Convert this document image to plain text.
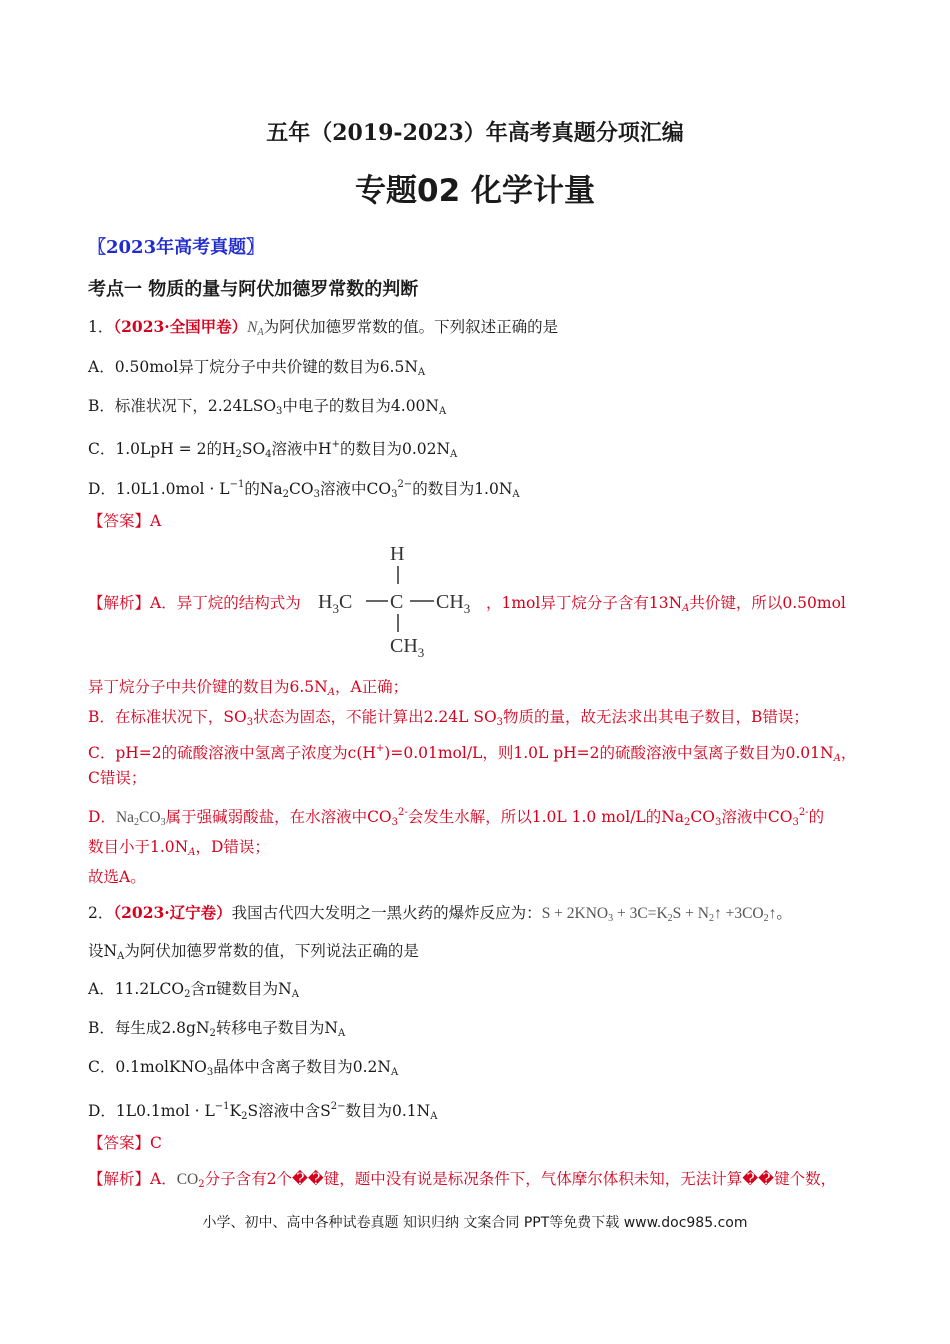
五年（2019-2023）年高考真题分项汇编
专题02 化学计量
〖2023年高考真题〗
考点一 物质的量与阿伏加德罗常数的判断
1．（2023·全国甲卷）$N_A$为阿伏加德罗常数的值。下列叙述正确的是
A．0.50mol异丁烷分子中共价键的数目为$6.5N_A$
B．标准状况下，$2.24LSO_3$中电子的数目为$4.00N_A$
C．1.0LpH = 2的$H_2SO_4$溶液中H+的数目为$0.02N_A$
D．$1.0L1.0mol \cdot L^{-1}$的$Na_2CO_3$溶液中$CO_3^{2-}$的数目为$1.0N_A$
【答案】A
【解析】A．异丁烷的结构式为
H
$H_3C$ C $CH_3$
$CH_3$
，1mol异丁烷分子含有$13N_A$共价键，所以0.50mol
异丁烷分子中共价键的数目为$6.5N_A$，A正确；
B．在标准状况下，$SO_3$状态为固态，不能计算出2.24L $SO_3$物质的量，故无法求出其电子数目，B错误；
C．pH=2的硫酸溶液中氢离子浓度为c(H+)=0.01mol/L，则1.0L pH=2的硫酸溶液中氢离子数目为$0.01N_A$，
C错误；
D．$Na_2CO_3$属于强碱弱酸盐，在水溶液中$CO_3^{2-}$会发生水解，所以1.0L 1.0 mol/L的$Na_2CO_3$溶液中$CO_3^{2-}$的
数目小于$1.0N_A$，D错误；
故选A。
2．（2023·辽宁卷）我国古代四大发明之一黑火药的爆炸反应为：$S + 2KNO_3 + 3C=K_2S$ + $N_2↑$ $+3CO_2↑$。
设$N_A$为阿伏加德罗常数的值，下列说法正确的是
A．$11.2LCO_2$含π键数目为$N_A$
B．每生成$2.8gN_2$转移电子数目为$N_A$
C．0.1molKNO$_3$晶体中含离子数目为$0.2N_A$
D．$1L0.1mol \cdot L^{-1}K_2S$溶液中含$S^{2-}$数目为$0.1N_A$
【答案】C
【解析】A．$CO_2$分子含有2个��键，题中没有说是标况条件下，气体摩尔体积未知，无法计算��键个数，
小学、初中、高中各种试卷真题 知识归纳 文案合同 PPT等免费下载 www.doc985.com
